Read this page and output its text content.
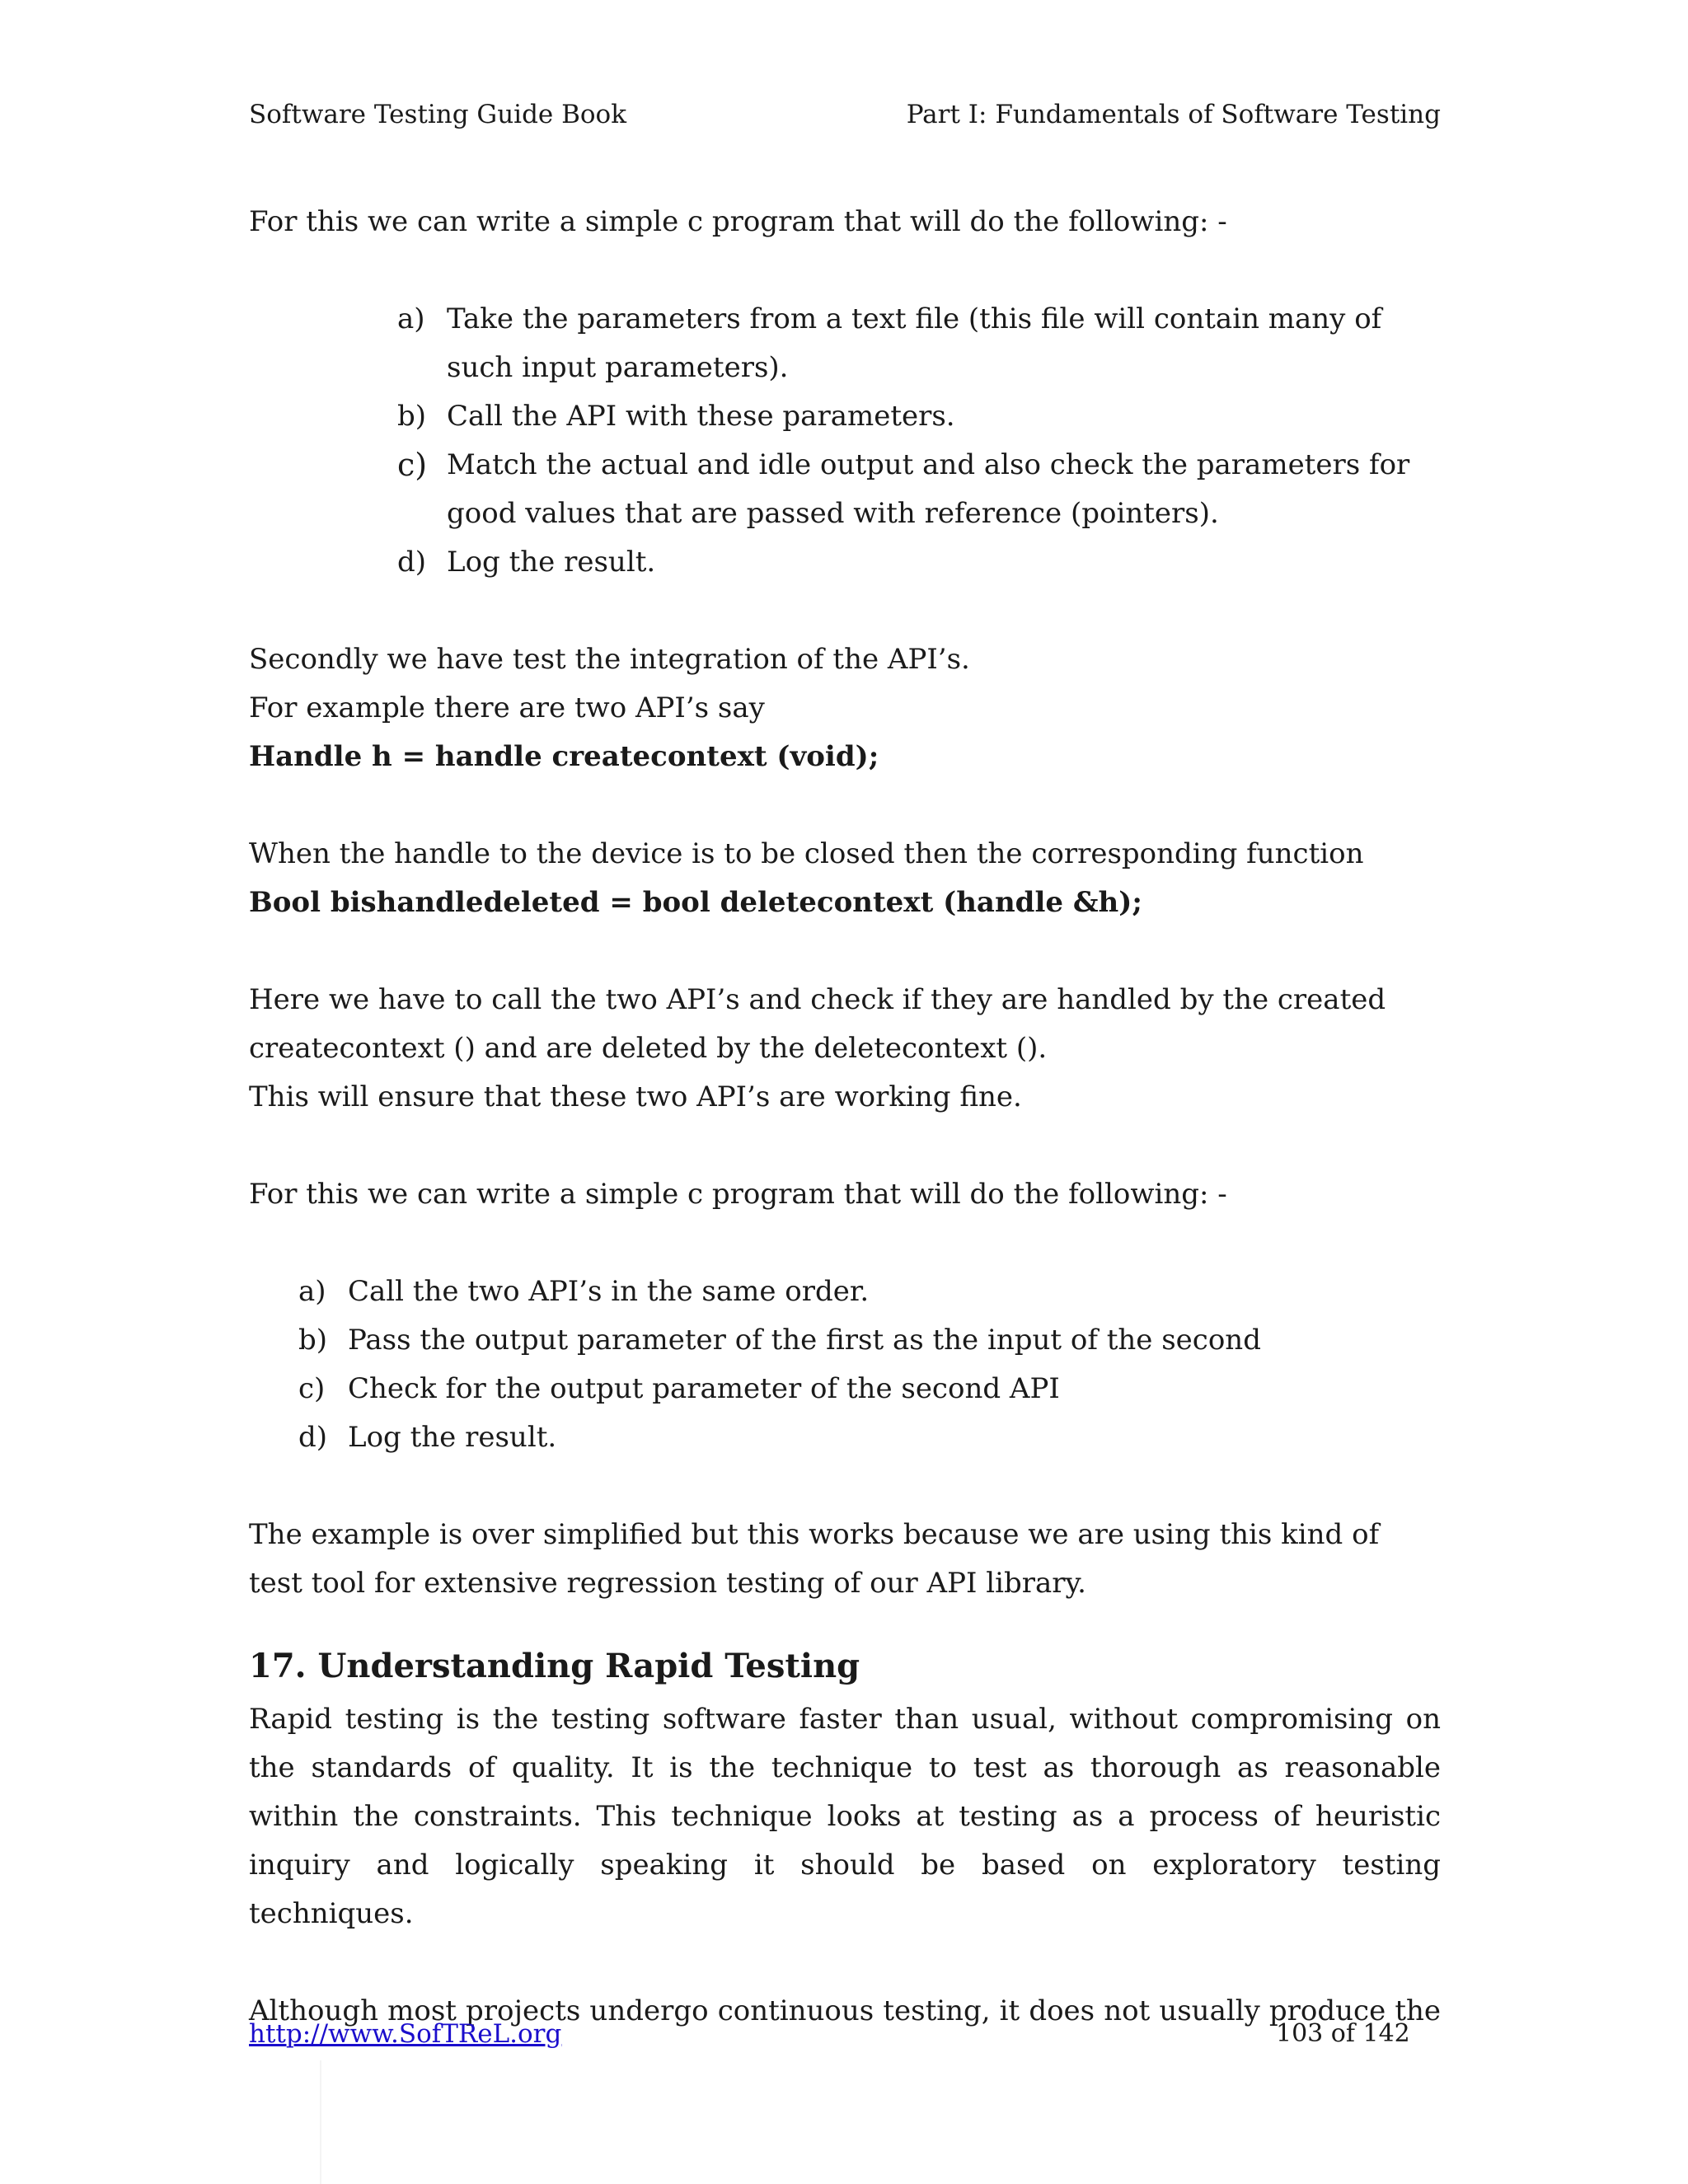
Software Testing Guide Book	Part I: Fundamentals of Software Testing

For this we can write a simple c program that will do the following: -

a) Take the parameters from a text file (this file will contain many of such input parameters).
b) Call the API with these parameters.
c) Match the actual and idle output and also check the parameters for good values that are passed with reference (pointers).
d) Log the result.

Secondly we have test the integration of the API’s.

For example there are two API’s say

Handle h = handle createcontext (void);

When the handle to the device is to be closed then the corresponding function

Bool bishandledeleted = bool deletecontext (handle &h);

Here we have to call the two API’s and check if they are handled by the created createcontext () and are deleted by the deletecontext ().

This will ensure that these two API’s are working fine.

For this we can write a simple c program that will do the following: -

a) Call the two API’s in the same order.
b) Pass the output parameter of the first as the input of the second
c) Check for the output parameter of the second API
d) Log the result.

The example is over simplified but this works because we are using this kind of test tool for extensive regression testing of our API library.

17. Understanding Rapid Testing

Rapid testing is the testing software faster than usual, without compromising on the standards of quality. It is the technique to test as thorough as reasonable within the constraints. This technique looks at testing as a process of heuristic inquiry and logically speaking it should be based on exploratory testing techniques.

Although most projects undergo continuous testing, it does not usually produce the

http://www.SofTReL.org	103 of 142
